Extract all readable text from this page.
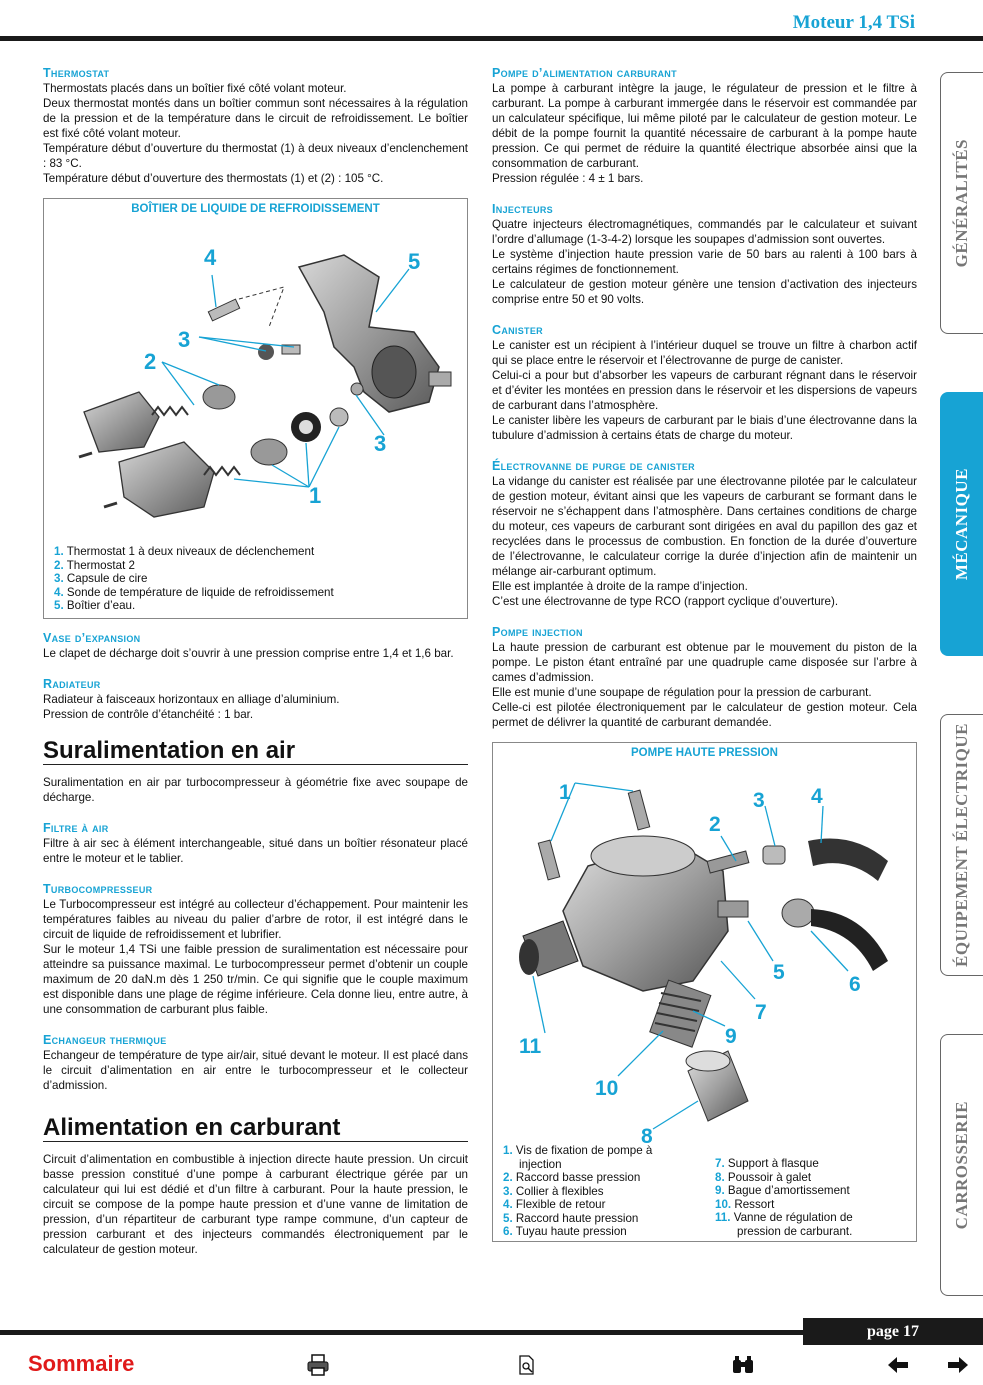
Moteur 1,4 TSi
Thermostat
Thermostats placés dans un boîtier fixé côté volant moteur.
Deux thermostat montés dans un boîtier commun sont nécessaires à la régulation de la pression et de la température dans le circuit de refroidissement. Le boîtier est fixé côté volant moteur.
Température début d’ouverture du thermostat (1) à deux niveaux d’enclenchement : 83 °C.
Température début d’ouverture des thermostats (1) et (2) : 105 °C.
BOÎTIER DE LIQUIDE DE REFROIDISSEMENT
4	5
3
2
3
1
1. Thermostat 1 à deux niveaux de déclenchement
2. Thermostat 2
3. Capsule de cire
4. Sonde de température de liquide de refroidissement
5. Boîtier d’eau.
Vase d’expansion
Le clapet de décharge doit s’ouvrir à une pression comprise entre 1,4 et 1,6 bar.
Radiateur
Radiateur à faisceaux horizontaux en alliage d’aluminium.
Pression de contrôle d’étanchéité : 1 bar.
Suralimentation en air
Suralimentation en air par turbocompresseur à géométrie fixe avec soupape de décharge.
Filtre à air
Filtre à air sec à élément interchangeable, situé dans un boîtier résonateur placé entre le moteur et le tablier.
Turbocompresseur
Le Turbocompresseur est intégré au collecteur d’échappement. Pour maintenir les températures faibles au niveau du palier d’arbre de rotor, il est intégré dans le circuit de liquide de refroidissement et lubrifier.
Sur le moteur 1,4 TSi une faible pression de suralimentation est nécessaire pour atteindre sa puissance maximal. Le turbocompresseur permet d’obtenir un couple maximum de 20 daN.m dès 1 250 tr/min. Ce qui signifie que le couple maximum est disponible dans une plage de régime inférieure. Cela donne lieu, entre autre, à une consommation de carburant plus faible.
Echangeur thermique
Echangeur de température de type air/air, situé devant le moteur. Il est placé dans le circuit d’alimentation en air entre le turbocompresseur et le collecteur d’admission.
Alimentation en carburant
Circuit d’alimentation en combustible à injection directe haute pression. Un circuit basse pression constitué d’une pompe à carburant électrique gérée par un calculateur qui lui est dédié et d’un filtre à carburant. Pour la haute pression, le circuit se compose de la pompe haute pression et d’une vanne de limitation de pression, d’un répartiteur de carburant type rampe commune, d’un capteur de pression carburant et des injecteurs commandés électroniquement par le calculateur de gestion moteur.
Pompe d’alimentation carburant
La pompe à carburant intègre la jauge, le régulateur de pression et le filtre à carburant. La pompe à carburant immergée dans le réservoir est commandée par un calculateur spécifique, lui même piloté par le calculateur de gestion moteur. Le débit de la pompe fournit la quantité nécessaire de carburant à la pompe haute pression. Ce qui permet de réduire la quantité électrique absorbée ainsi que la consommation de carburant.
Pression régulée : 4 ± 1 bars.
Injecteurs
Quatre injecteurs électromagnétiques, commandés par le calculateur et suivant l’ordre d’allumage (1-3-4-2) lorsque les soupapes d’admission sont ouvertes.
Le système d’injection haute pression varie de 50 bars au ralenti à 100 bars à certains régimes de fonctionnement.
Le calculateur de gestion moteur génère une tension d’activation des injecteurs comprise entre 50 et 90 volts.
Canister
Le canister est un récipient à l’intérieur duquel se trouve un filtre à charbon actif qui se place entre le réservoir et l’électrovanne de purge de canister.
Celui-ci a pour but d’absorber les vapeurs de carburant régnant dans le réservoir et d’éviter les montées en pression dans le réservoir et les dispersions de vapeurs de carburant dans l’atmosphère.
Le canister libère les vapeurs de carburant par le biais d’une électrovanne dans la tubulure d’admission à certains états de charge du moteur.
Électrovanne de purge de canister
La vidange du canister est réalisée par une électrovanne pilotée par le calculateur de gestion moteur, évitant ainsi que les vapeurs de carburant se formant dans le réservoir ne s’échappent dans l’atmosphère. Dans certaines conditions de charge du moteur, ces vapeurs de carburant sont dirigées en aval du papillon des gaz et recyclées dans le processus de combustion. En fonction de la durée d’ouverture de l’électrovanne, le calculateur corrige la durée d’injection afin de maintenir un mélange air-carburant optimum.
Elle est implantée à droite de la rampe d’injection.
C’est une électrovanne de type RCO (rapport cyclique d’ouverture).
Pompe injection
La haute pression de carburant est obtenue par le mouvement du piston de la pompe. Le piston étant entraîné par une quadruple came disposée sur l’arbre à cames d’admission.
Elle est munie d’une soupape de régulation pour la pression de carburant.
Celle-ci est pilotée électroniquement par le calculateur de gestion moteur. Cela permet de délivrer la quantité de carburant demandée.
POMPE HAUTE PRESSION
1	3 4
2
5
6
7
9
11
10
8
1. Vis de fixation de pompe à
injection
2. Raccord basse pression
3. Collier à flexibles
4. Flexible de retour
5. Raccord haute pression
6. Tuyau haute pression
7. Support à flasque
8. Poussoir à galet
9. Bague d’amortissement
10. Ressort
11. Vanne de régulation de
pression de carburant.
GÉNÉRALITÉS
MÉCANIQUE
ÉQUIPEMENT ÉLECTRIQUE
CARROSSERIE
page 17
Sommaire
